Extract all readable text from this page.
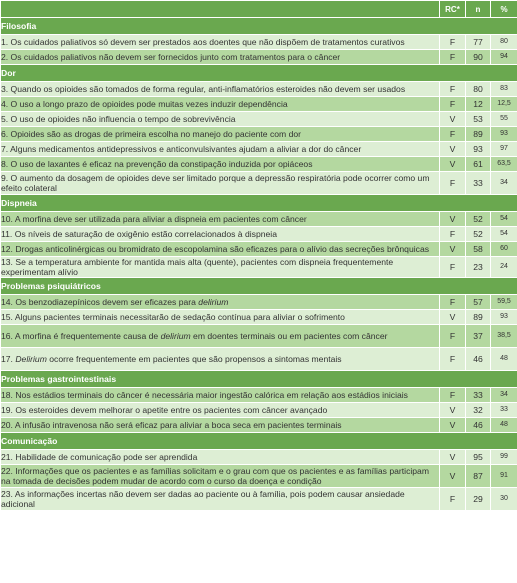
	RC*	n	%
Filosofia			
1. Os cuidados paliativos só devem ser prestados aos doentes que não dispõem de tratamentos curativos	F	77	80
2. Os cuidados paliativos não devem ser fornecidos junto com tratamentos para o câncer	F	90	94
Dor			
3. Quando os opioides são tomados de forma regular, anti-inflamatórios esteroides não devem ser usados	F	80	83
4. O uso a longo prazo de opioides pode muitas vezes induzir dependência	F	12	12,5
5. O uso de opioides não influencia o tempo de sobrevivência	V	53	55
6. Opioides são as drogas de primeira escolha no manejo do paciente com dor	F	89	93
7. Alguns medicamentos antidepressivos e anticonvulsivantes ajudam a aliviar a dor do câncer	V	93	97
8. O uso de laxantes é eficaz na prevenção da constipação induzida por opiáceos	V	61	63,5
9. O aumento da dosagem de opioides deve ser limitado porque a depressão respiratória pode ocorrer como um efeito colateral	F	33	34
Dispneia			
10. A morfina deve ser utilizada para aliviar a dispneia em pacientes com câncer	V	52	54
11. Os níveis de saturação de oxigênio estão correlacionados à dispneia	F	52	54
12. Drogas anticolinérgicas ou bromidrato de escopolamina são eficazes para o alívio das secreções brônquicas	V	58	60
13. Se a temperatura ambiente for mantida mais alta (quente), pacientes com dispneia frequentemente experimentam alívio	F	23	24
Problemas psiquiátricos			
14. Os benzodiazepínicos devem ser eficazes para delirium	F	57	59,5
15. Alguns pacientes terminais necessitarão de sedação contínua para aliviar o sofrimento	V	89	93
16. A morfina é frequentemente causa de delirium em doentes terminais ou em pacientes com câncer	F	37	38,5
17. Delirium ocorre frequentemente em pacientes que são propensos a sintomas mentais	F	46	48
Problemas gastrointestinais			
18. Nos estádios terminais do câncer é necessária maior ingestão calórica em relação aos estádios iniciais	F	33	34
19. Os esteroides devem melhorar o apetite entre os pacientes com câncer avançado	V	32	33
20. A infusão intravenosa não será eficaz para aliviar a boca seca em pacientes terminais	V	46	48
Comunicação			
21. Habilidade de comunicação pode ser aprendida	V	95	99
22. Informações que os pacientes e as famílias solicitam e o grau com que os pacientes e as famílias participam na tomada de decisões podem mudar de acordo com o curso da doença e condição	V	87	91
23. As informações incertas não devem ser dadas ao paciente ou à família, pois podem causar ansiedade adicional	F	29	30
